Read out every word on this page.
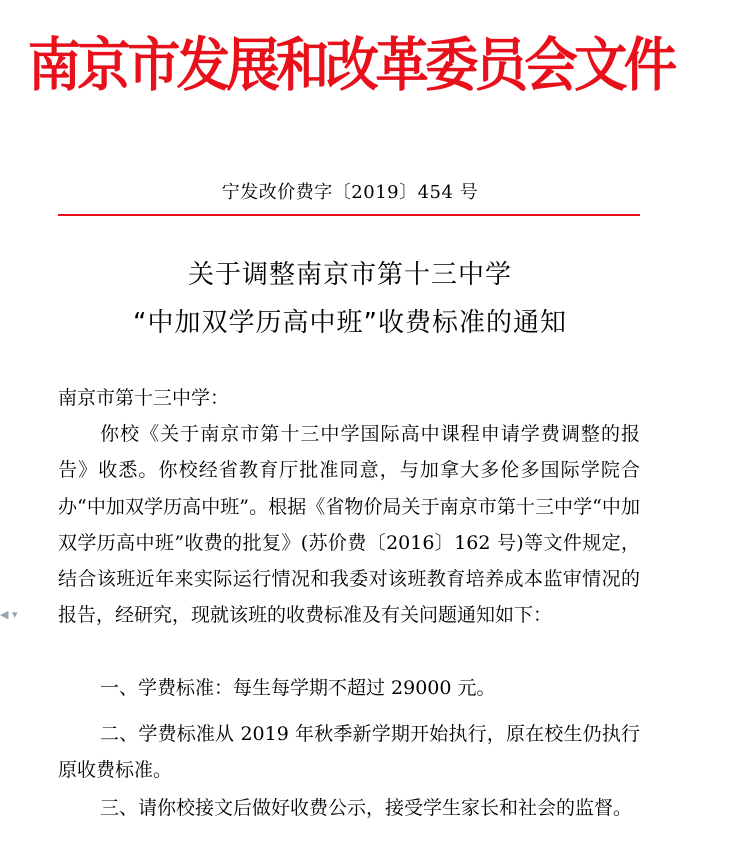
南京市发展和改革委员会文件
宁发改价费字〔2019〕454 号
关于调整南京市第十三中学
“中加双学历高中班”收费标准的通知
南京市第十三中学：
你校《关于南京市第十三中学国际高中课程申请学费调整的报告》收悉。你校经省教育厅批准同意，与加拿大多伦多国际学院合办“中加双学历高中班”。根据《省物价局关于南京市第十三中学“中加双学历高中班”收费的批复》(苏价费〔2016〕162 号)等文件规定，结合该班近年来实际运行情况和我委对该班教育培养成本监审情况的报告，经研究，现就该班的收费标准及有关问题通知如下：
一、学费标准：每生每学期不超过 29000 元。
二、学费标准从 2019 年秋季新学期开始执行，原在校生仍执行原收费标准。
三、请你校接文后做好收费公示，接受学生家长和社会的监督。
◀ ▾
